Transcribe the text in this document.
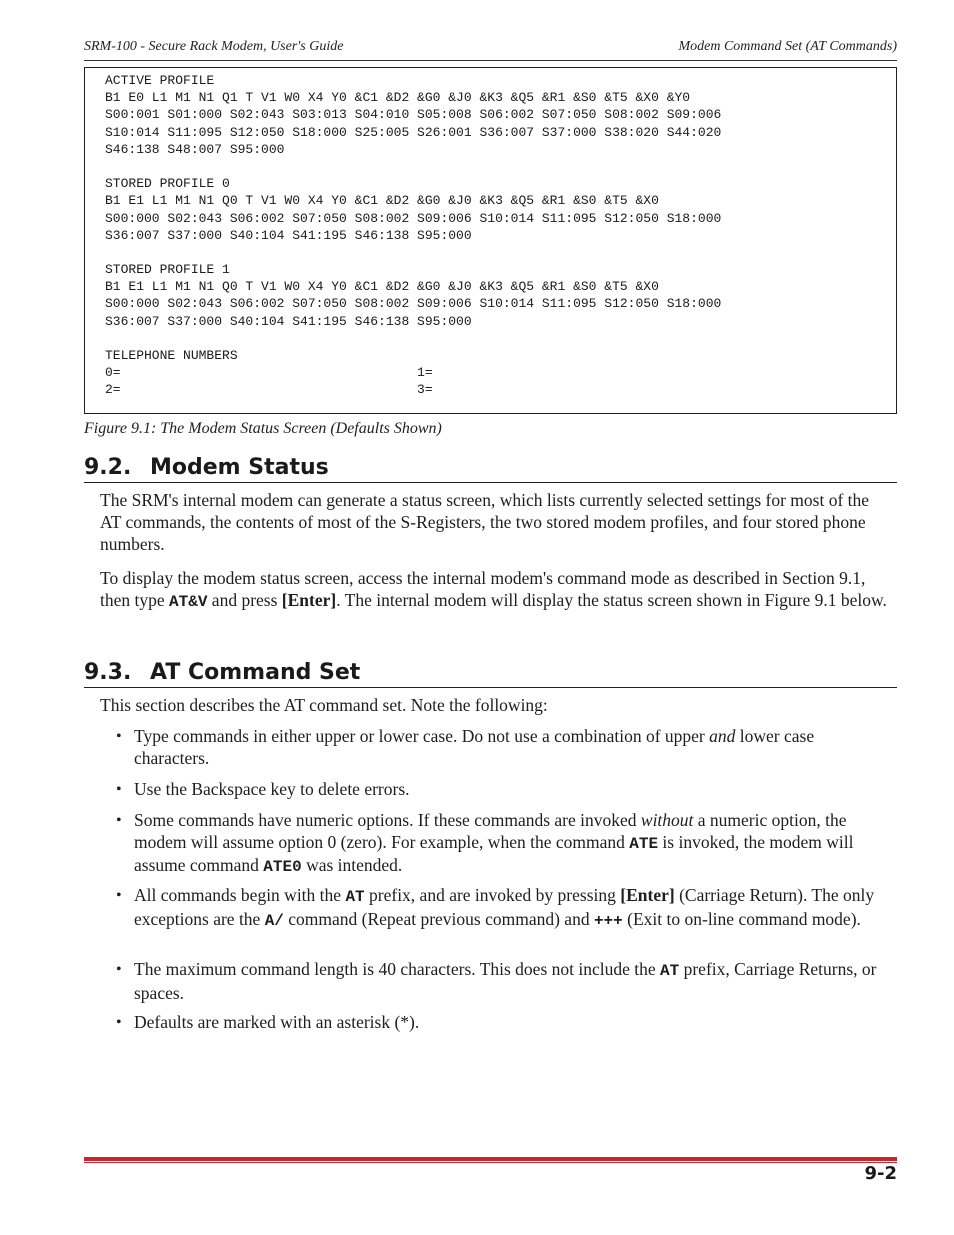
SRM-100 - Secure Rack Modem, User's Guide	Modem Command Set (AT Commands)
ACTIVE PROFILE
B1 E0 L1 M1 N1 Q1 T V1 W0 X4 Y0 &C1 &D2 &G0 &J0 &K3 &Q5 &R1 &S0 &T5 &X0 &Y0
S00:001 S01:000 S02:043 S03:013 S04:010 S05:008 S06:002 S07:050 S08:002 S09:006
S10:014 S11:095 S12:050 S18:000 S25:005 S26:001 S36:007 S37:000 S38:020 S44:020
S46:138 S48:007 S95:000
STORED PROFILE 0
B1 E1 L1 M1 N1 Q0 T V1 W0 X4 Y0 &C1 &D2 &G0 &J0 &K3 &Q5 &R1 &S0 &T5 &X0
S00:000 S02:043 S06:002 S07:050 S08:002 S09:006 S10:014 S11:095 S12:050 S18:000
S36:007 S37:000 S40:104 S41:195 S46:138 S95:000
STORED PROFILE 1
B1 E1 L1 M1 N1 Q0 T V1 W0 X4 Y0 &C1 &D2 &G0 &J0 &K3 &Q5 &R1 &S0 &T5 &X0
S00:000 S02:043 S06:002 S07:050 S08:002 S09:006 S10:014 S11:095 S12:050 S18:000
S36:007 S37:000 S40:104 S41:195 S46:138 S95:000
TELEPHONE NUMBERS
0=                                      1=
2=                                      3=
Figure 9.1: The Modem Status Screen (Defaults Shown)
9.2. Modem Status

The SRM's internal modem can generate a status screen, which lists currently selected settings for most of the AT commands, the contents of most of the S-Registers, the two stored modem profiles, and four stored phone numbers.

To display the modem status screen, access the internal modem's command mode as described in Section 9.1, then type AT&V and press [Enter]. The internal modem will display the status screen shown in Figure 9.1 below.

9.3. AT Command Set

This section describes the AT command set. Note the following:

• Type commands in either upper or lower case. Do not use a combination of upper and lower case characters.
• Use the Backspace key to delete errors.
• Some commands have numeric options. If these commands are invoked without a numeric option, the modem will assume option 0 (zero). For example, when the command ATE is invoked, the modem will assume command ATE0 was intended.
• All commands begin with the AT prefix, and are invoked by pressing [Enter] (Carriage Return). The only exceptions are the A/ command (Repeat previous command) and +++ (Exit to on-line command mode).
• The maximum command length is 40 characters. This does not include the AT prefix, Carriage Returns, or spaces.
• Defaults are marked with an asterisk (*).
9-2
